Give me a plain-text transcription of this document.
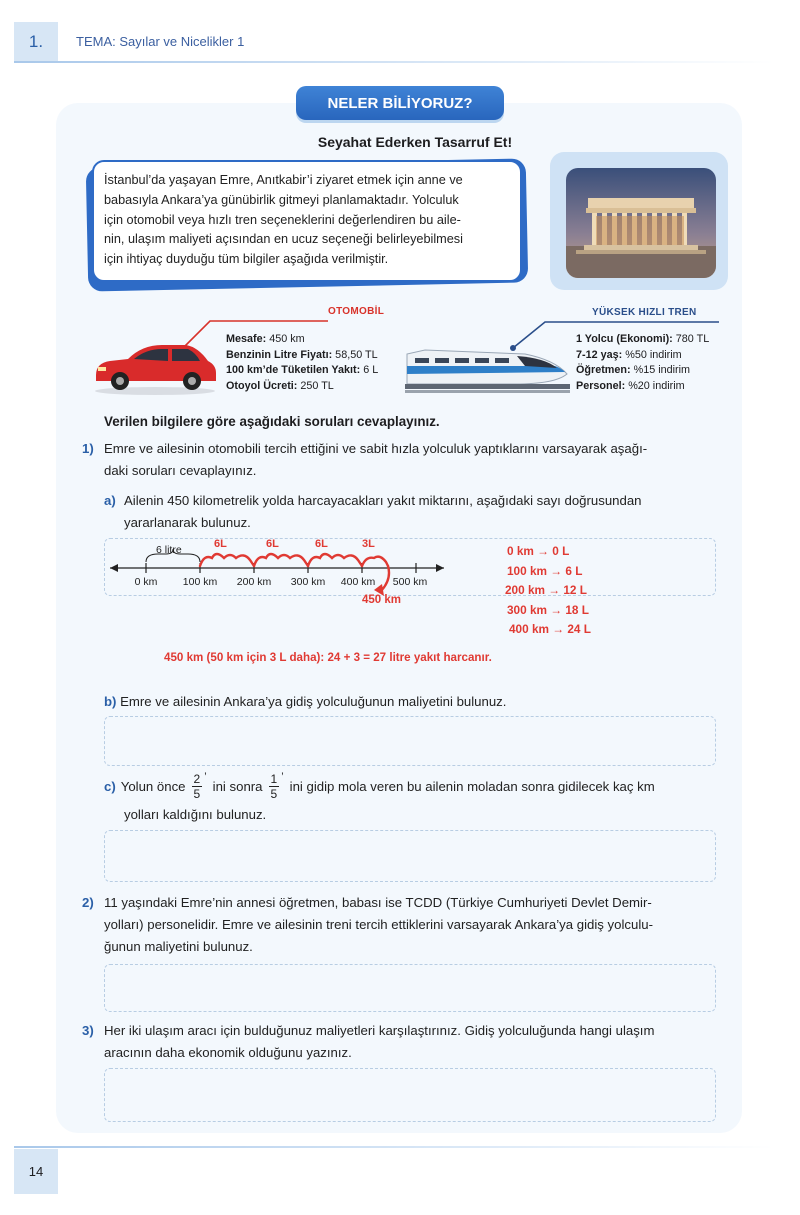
1.	TEMA: Sayılar ve Nicelikler 1
NELER BİLİYORUZ?
Seyahat Ederken Tasarruf Et!
İstanbul’da yaşayan Emre, Anıtkabir’i ziyaret etmek için anne ve
babasıyla Ankara’ya günübirlik gitmeyi planlamaktadır. Yolculuk
için otomobil veya hızlı tren seçeneklerini değerlendiren bu aile-
nin, ulaşım maliyeti açısından en ucuz seçeneği belirleyebilmesi
için ihtiyaç duyduğu tüm bilgiler aşağıda verilmiştir.
OTOMOBİL
Mesafe: 450 km
Benzinin Litre Fiyatı: 58,50 TL
100 km’de Tüketilen Yakıt: 6 L
Otoyol Ücreti: 250 TL
YÜKSEK HIZLI TREN
1 Yolcu (Ekonomi): 780 TL
7-12 yaş: %50 indirim
Öğretmen: %15 indirim
Personel: %20 indirim
Verilen bilgilere göre aşağıdaki soruları cevaplayınız.
1) Emre ve ailesinin otomobili tercih ettiğini ve sabit hızla yolculuk yaptıklarını varsayarak aşağı-
daki soruları cevaplayınız.
a) Ailenin 450 kilometrelik yolda harcayacakları yakıt miktarını, aşağıdaki sayı doğrusundan
yararlanarak bulunuz.
6 litre	6L	6L	6L	3L
0 km 100 km 200 km 300 km 400 km 500 km
450 km
0 km → 0 L
100 km → 6 L
200 km → 12 L
300 km → 18 L
400 km → 24 L
450 km (50 km için 3 L daha): 24 + 3 = 27 litre yakıt harcanır.
b) Emre ve ailesinin Ankara’ya gidiş yolculuğunun maliyetini bulunuz.
c) Yolun önce 2
5
’
ini sonra 1
5
’
ini gidip mola veren bu ailenin moladan sonra gidilecek kaç km
yolları kaldığını bulunuz.
2) 11 yaşındaki Emre’nin annesi öğretmen, babası ise TCDD (Türkiye Cumhuriyeti Devlet Demir-
yolları) personelidir. Emre ve ailesinin treni tercih ettiklerini varsayarak Ankara’ya gidiş yolculu-
ğunun maliyetini bulunuz.
3) Her iki ulaşım aracı için bulduğunuz maliyetleri karşılaştırınız. Gidiş yolculuğunda hangi ulaşım
aracının daha ekonomik olduğunu yazınız.
14
